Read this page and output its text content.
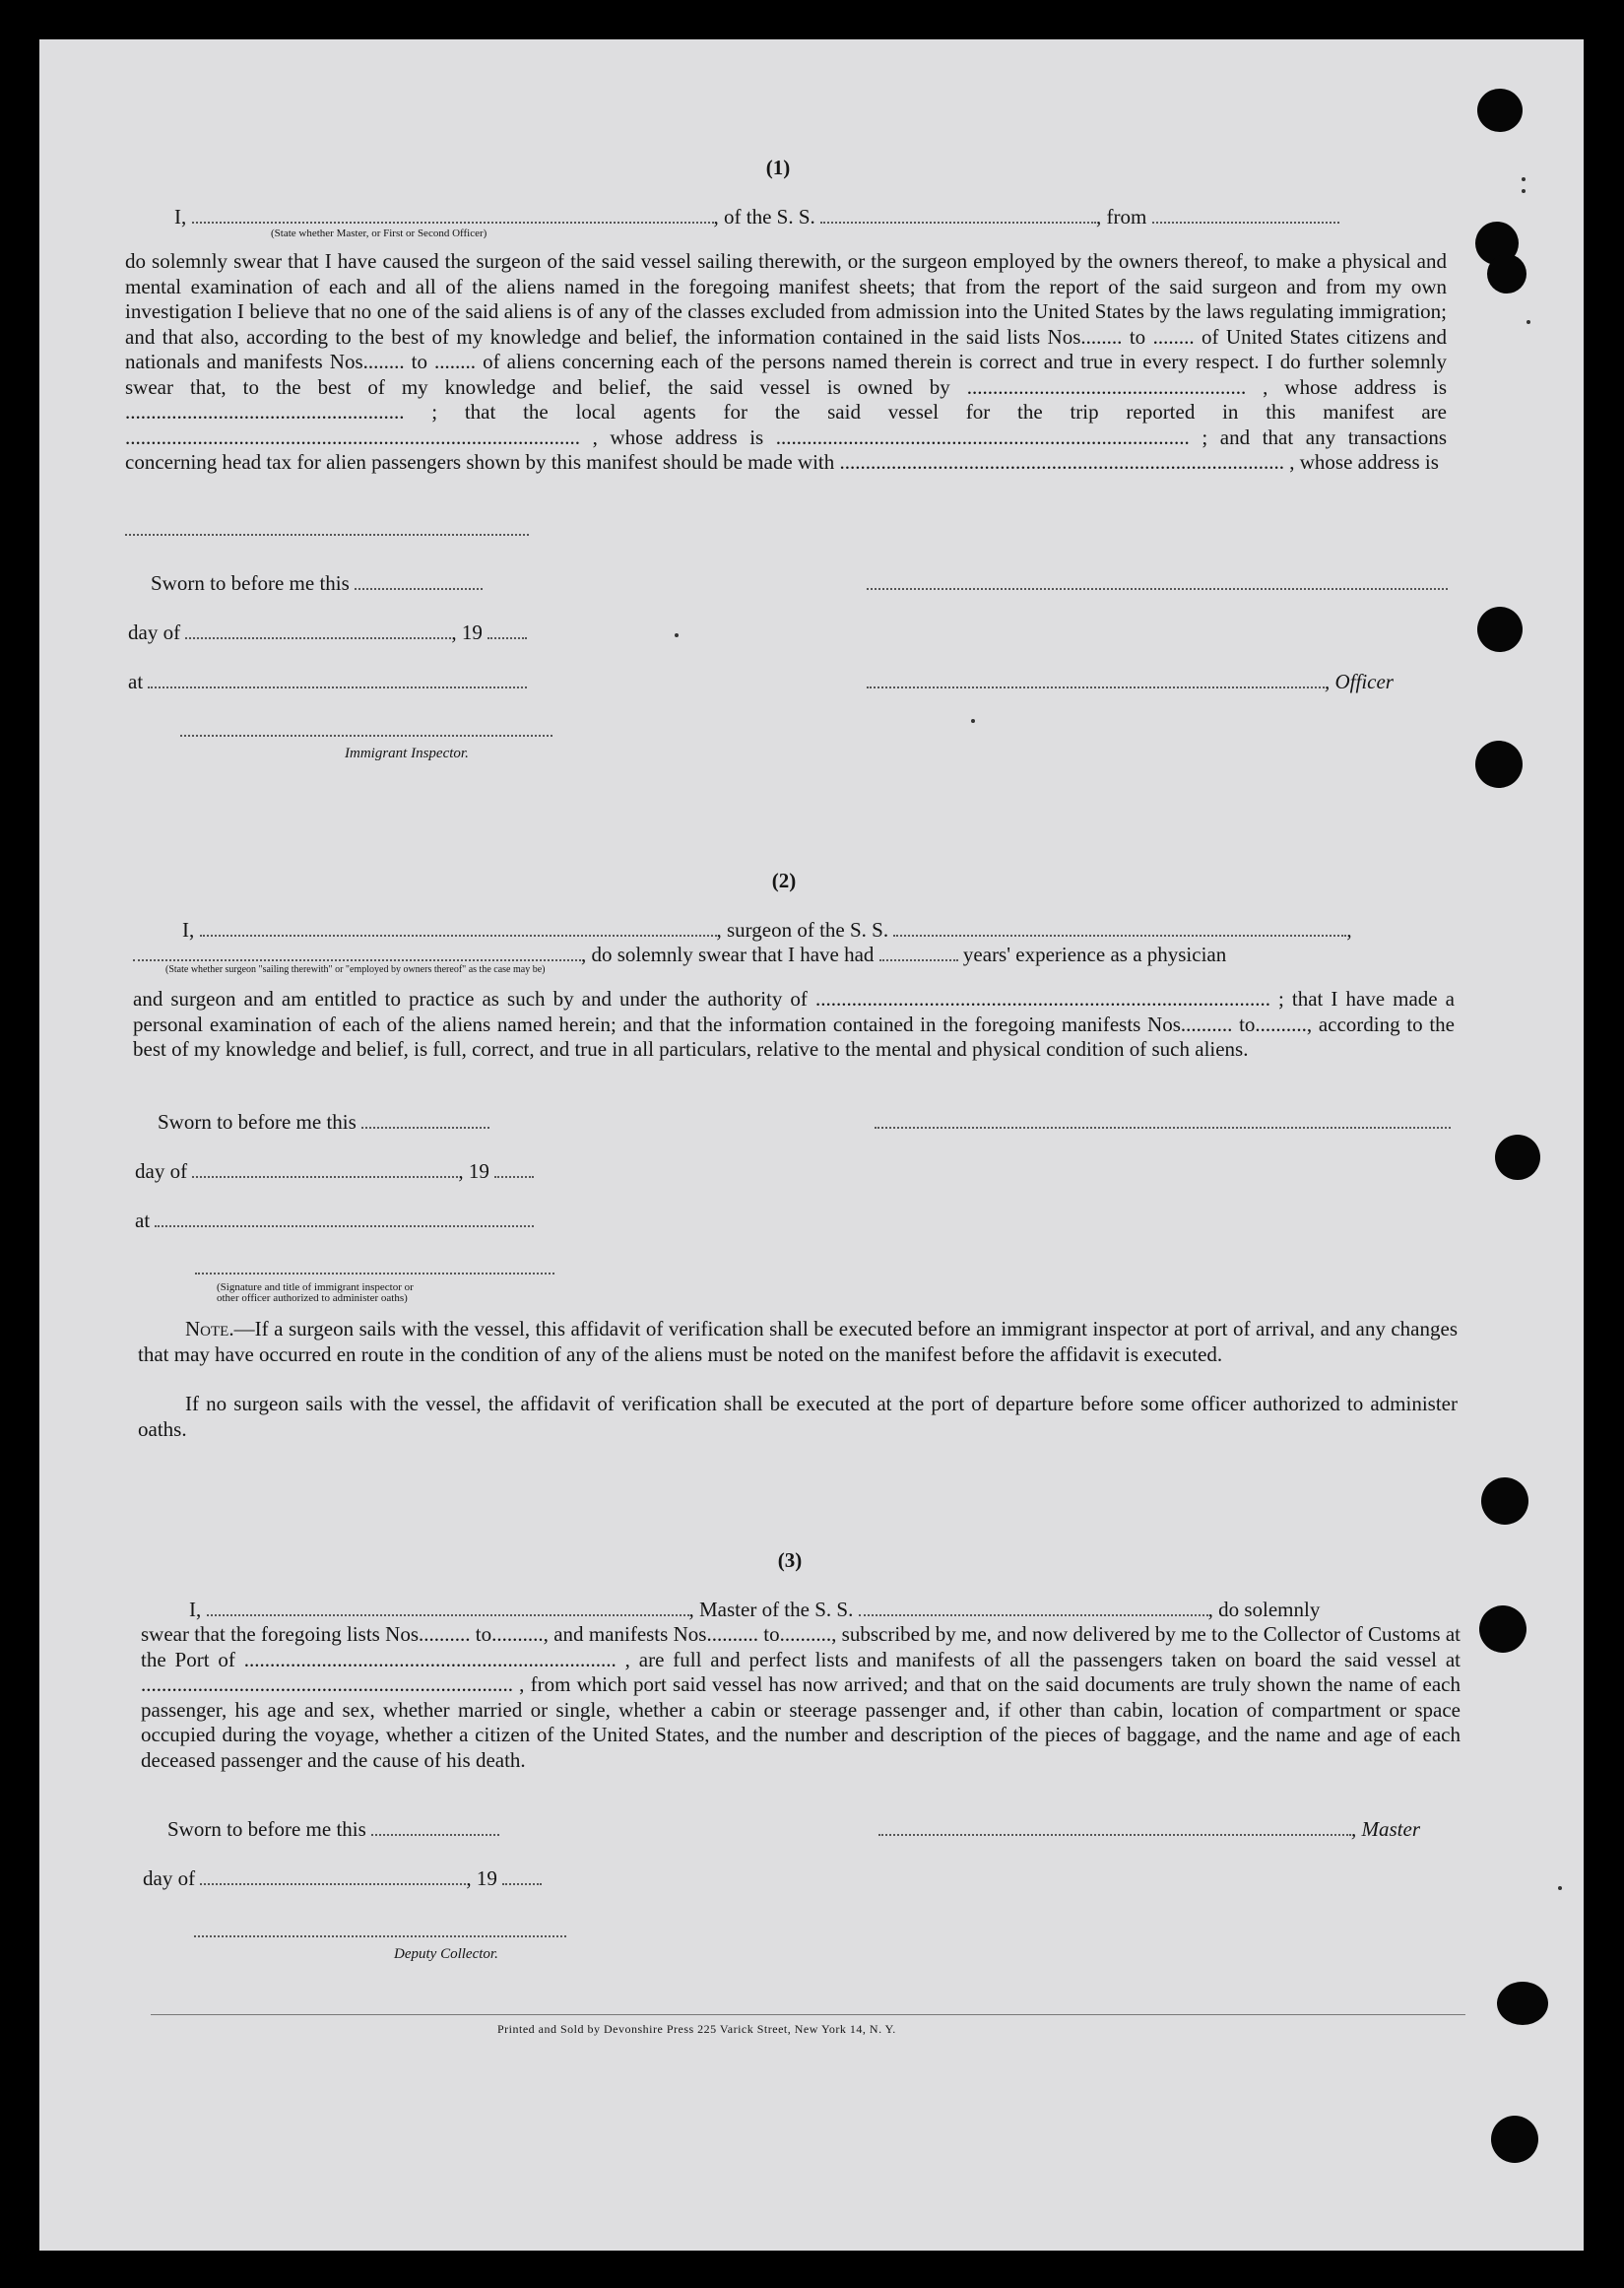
(1)
I,	, of the S. S.	, from
(State whether Master, or First or Second Officer)
do solemnly swear that I have caused the surgeon of the said vessel sailing therewith, or the surgeon employed by the owners thereof, to make a physical and mental examination of each and all of the aliens named in the foregoing manifest sheets; that from the report of the said surgeon and from my own investigation I believe that no one of the said aliens is of any of the classes excluded from admission into the United States by the laws regulating immigration; and that also, according to the best of my knowledge and belief, the information contained in the said lists Nos........ to ........ of United States citizens and nationals and manifests Nos........ to ........ of aliens concerning each of the persons named therein is correct and true in every respect. I do further solemnly swear that, to the best of my knowledge and belief, the said vessel is owned by ...................................................... , whose address is ...................................................... ; that the local agents for the said vessel for the trip reported in this manifest are ........................................................................................ , whose address is ................................................................................ ; and that any transactions concerning head tax for alien passengers shown by this manifest should be made with ...................................................................................... , whose address is
Sworn to before me this
day of	, 19
at	, Officer
Immigrant Inspector.
(2)
I,	, surgeon of the S. S.	,
, do solemnly swear that I have had	years' experience as a physician
(State whether surgeon "sailing therewith" or "employed by owners thereof" as the case may be)
and surgeon and am entitled to practice as such by and under the authority of ........................................................................................ ; that I have made a personal examination of each of the aliens named herein; and that the information contained in the foregoing manifests Nos.......... to.........., according to the best of my knowledge and belief, is full, correct, and true in all particulars, relative to the mental and physical condition of such aliens.
Sworn to before me this
day of	, 19
at
(Signature and title of immigrant inspector or
other officer authorized to administer oaths)
Note.—If a surgeon sails with the vessel, this affidavit of verification shall be executed before an immigrant inspector at port of arrival, and any changes that may have occurred en route in the condition of any of the aliens must be noted on the manifest before the affidavit is executed.
If no surgeon sails with the vessel, the affidavit of verification shall be executed at the port of departure before some officer authorized to administer oaths.
(3)
I,	, Master of the S. S.	, do solemnly
swear that the foregoing lists Nos.......... to.........., and manifests Nos.......... to.........., subscribed by me, and now delivered by me to the Collector of Customs at the Port of ........................................................................ , are full and perfect lists and manifests of all the passengers taken on board the said vessel at ........................................................................ , from which port said vessel has now arrived; and that on the said documents are truly shown the name of each passenger, his age and sex, whether married or single, whether a cabin or steerage passenger and, if other than cabin, location of compartment or space occupied during the voyage, whether a citizen of the United States, and the number and description of the pieces of baggage, and the name and age of each deceased passenger and the cause of his death.
Sworn to before me this	, Master
day of	, 19
Deputy Collector.
Printed and Sold by Devonshire Press 225 Varick Street, New York 14, N. Y.
